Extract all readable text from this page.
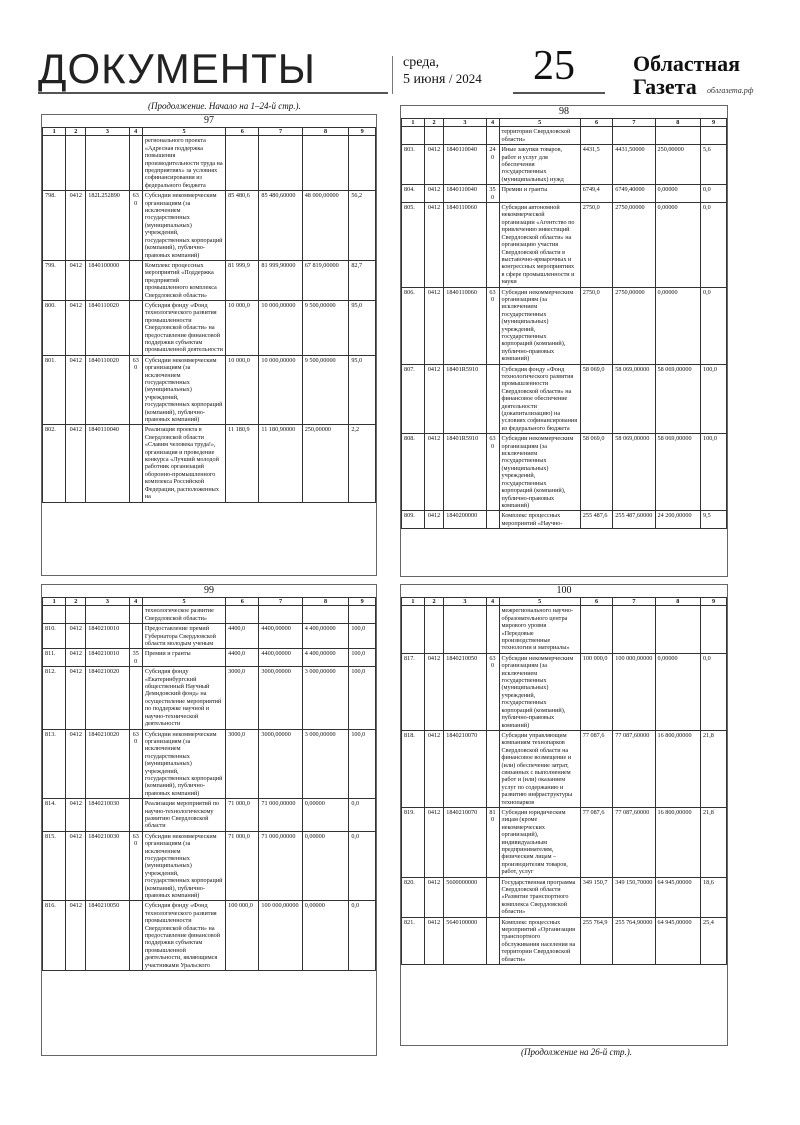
ДОКУМЕНТЫ	среда,
5 июня / 2024 25	Областная
Газета облгазета.рф
(Продолжение. Начало на 1–24-й стр.).
97
1	2	3	4	5	6	7	8	9
				регионального проекта «Адресная поддержка повышения производительности труда на предприятиях» за условиях софинансирования из федерального бюджета				
798.	0412	182L252890	630	Субсидии некоммерческим организациям (за исключением государственных (муниципальных) учреждений, государственных корпораций (компаний), публично-правовых компаний)	85 480,6	85 480,60000	48 000,00000	56,2
799.	0412	1840100000		Комплекс процессных мероприятий «Поддержка предприятий промышленного комплекса Свердловской области»	81 999,9	81 999,90000	67 819,00000	82,7
800.	0412	1840110020		Субсидия фонду «Фонд технологического развития промышленности Свердловской области» на предоставление финансовой поддержки субъектам промышленной деятельности	10 000,0	10 000,00000	9 500,00000	95,0
801.	0412	1840110020	630	Субсидии некоммерческим организациям (за исключением государственных (муниципальных) учреждений, государственных корпораций (компаний), публично-правовых компаний)	10 000,0	10 000,00000	9 500,00000	95,0
802.	0412	1840110040		Реализация проекта в Свердловской области «Славим человека труда!», организация и проведение конкурса «Лучший молодой работник организаций оборонно-промышленного комплекса Российской Федерации, расположенных на	11 180,9	11 180,90000	250,00000	2,2
98
1	2	3	4	5	6	7	8	9
				территории Свердловской области»				
803.	0412	1840110040	240	Иные закупки товаров, работ и услуг для обеспечения государственных (муниципальных) нужд	4431,5	4431,50000	250,00000	5,6
804.	0412	1840110040	350	Премии и гранты	6749,4	6749,40000	0,00000	0,0
805.	0412	1840110060		Субсидия автономной некоммерческой организации «Агентство по привлечению инвестиций Свердловской области» на организацию участия Свердловской области в выставочно-ярмарочных и конгрессных мероприятиях в сфере промышленности и науки	2750,0	2750,00000	0,00000	0,0
806.	0412	1840110060	630	Субсидии некоммерческим организациям (за исключением государственных (муниципальных) учреждений, государственных корпораций (компаний), публично-правовых компаний)	2750,0	2750,00000	0,00000	0,0
807.	0412	18401R5910		Субсидия фонду «Фонд технологического развития промышленности Свердловской области» на финансовое обеспечение деятельности (докапитализацию) на условиях софинансирования из федерального бюджета	58 069,0	58 069,00000	58 069,00000	100,0
808.	0412	18401R5910	630	Субсидии некоммерческим организациям (за исключением государственных (муниципальных) учреждений, государственных корпораций (компаний), публично-правовых компаний)	58 069,0	58 069,00000	58 069,00000	100,0
809.	0412	1840200000		Комплекс процессных мероприятий «Научно-	255 487,6	255 487,60000	24 200,00000	9,5
99
1	2	3	4	5	6	7	8	9
				технологическое развитие Свердловской области»				
810.	0412	1840210010		Предоставление премий Губернатора Свердловской области молодым ученым	4400,0	4400,00000	4 400,00000	100,0
811.	0412	1840210010	350	Премии и гранты	4400,0	4400,00000	4 400,00000	100,0
812.	0412	1840210020		Субсидия фонду «Екатеринбургский общественный Научный Демидовский фонд» на осуществление мероприятий по поддержке научной и научно-технической деятельности	3000,0	3000,00000	3 000,00000	100,0
813.	0412	1840210020	630	Субсидии некоммерческим организациям (за исключением государственных (муниципальных) учреждений, государственных корпораций (компаний), публично-правовых компаний)	3000,0	3000,00000	3 000,00000	100,0
814.	0412	1840210030		Реализация мероприятий по научно-технологическому развитию Свердловской области	71 000,0	71 000,00000	0,00000	0,0
815.	0412	1840210030	630	Субсидии некоммерческим организациям (за исключением государственных (муниципальных) учреждений, государственных корпораций (компаний), публично-правовых компаний)	71 000,0	71 000,00000	0,00000	0,0
816.	0412	1840210050		Субсидия фонду «Фонд технологического развития промышленности Свердловской области» на предоставление финансовой поддержки субъектам промышленной деятельности, являющимся участниками Уральского	100 000,0	100 000,00000	0,00000	0,0
100
1	2	3	4	5	6	7	8	9
				межрегионального научно-образовательного центра мирового уровня «Передовые производственные технологии и материалы»				
817.	0412	1840210050	630	Субсидии некоммерческим организациям (за исключением государственных (муниципальных) учреждений, государственных корпораций (компаний), публично-правовых компаний)	100 000,0	100 000,00000	0,00000	0,0
818.	0412	1840210070		Субсидии управляющим компаниям технопарков Свердловской области на финансовое возмещение и (или) обеспечение затрат, связанных с выполнением работ и (или) оказанием услуг по содержанию и развитию инфраструктуры технопарков	77 087,6	77 087,60000	16 800,00000	21,8
819.	0412	1840210070	810	Субсидии юридическим лицам (кроме некоммерческих организаций), индивидуальным предпринимателям, физическим лицам – производителям товаров, работ, услуг	77 087,6	77 087,60000	16 800,00000	21,8
820.	0412	5600000000		Государственная программа Свердловской области «Развитие транспортного комплекса Свердловской области»	349 150,7	349 150,70000	64 945,00000	18,6
821.	0412	5640100000		Комплекс процессных мероприятий «Организация транспортного обслуживания населения на территории Свердловской области»	255 764,9	255 764,90000	64 945,00000	25,4
(Продолжение на 26-й стр.).
